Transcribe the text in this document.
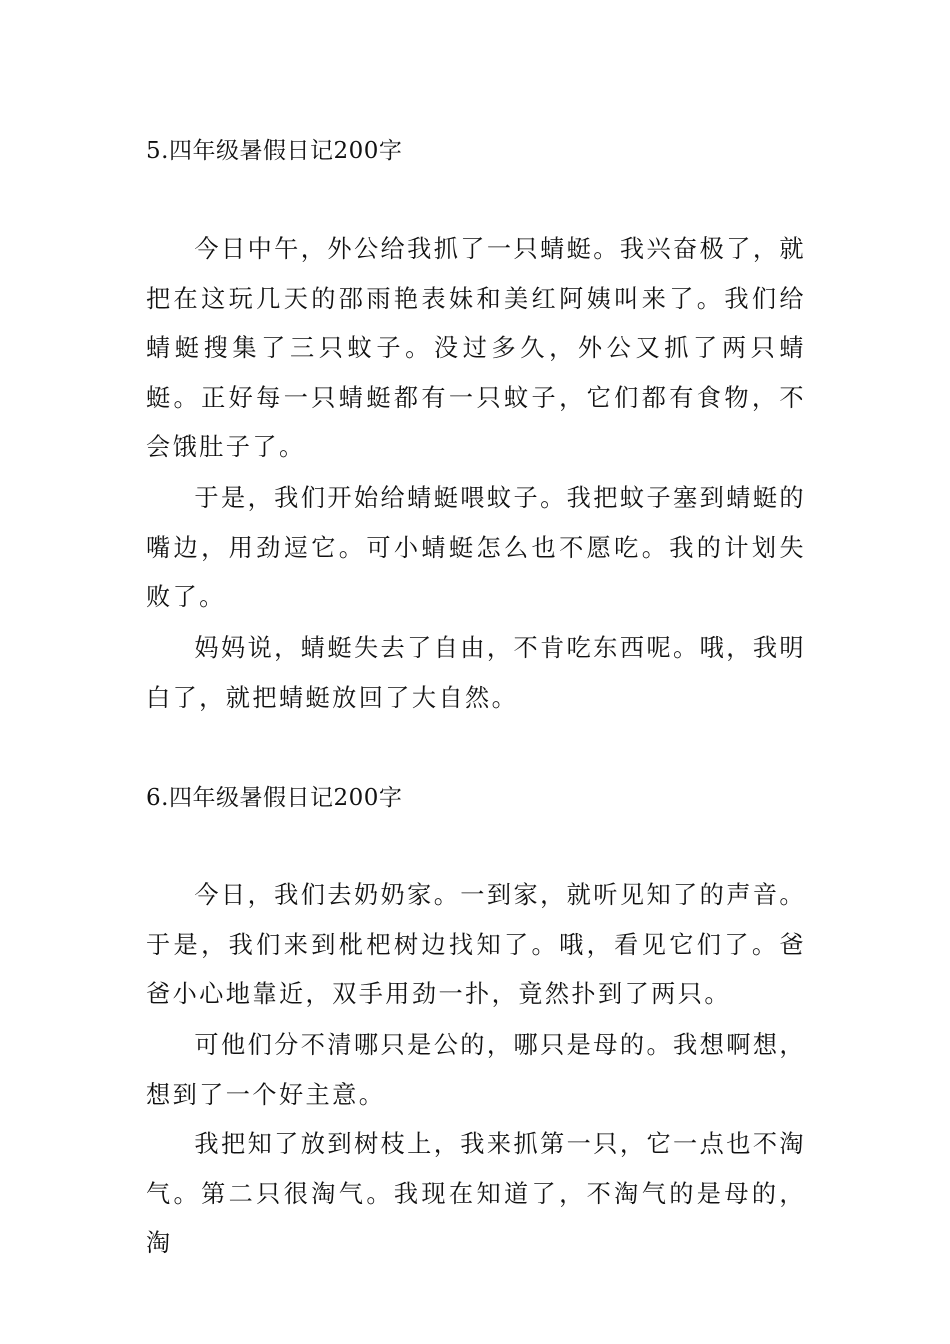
5.四年级暑假日记200字

今日中午，外公给我抓了一只蜻蜓。我兴奋极了，就把在这玩几天的邵雨艳表妹和美红阿姨叫来了。我们给蜻蜓搜集了三只蚊子。没过多久，外公又抓了两只蜻蜓。正好每一只蜻蜓都有一只蚊子，它们都有食物，不会饿肚子了。

于是，我们开始给蜻蜓喂蚊子。我把蚊子塞到蜻蜓的嘴边，用劲逗它。可小蜻蜓怎么也不愿吃。我的计划失败了。

妈妈说，蜻蜓失去了自由，不肯吃东西呢。哦，我明白了，就把蜻蜓放回了大自然。

6.四年级暑假日记200字

今日，我们去奶奶家。一到家，就听见知了的声音。于是，我们来到枇杷树边找知了。哦，看见它们了。爸爸小心地靠近，双手用劲一扑，竟然扑到了两只。

可他们分不清哪只是公的，哪只是母的。我想啊想，想到了一个好主意。

我把知了放到树枝上，我来抓第一只，它一点也不淘气。第二只很淘气。我现在知道了，不淘气的是母的，淘
